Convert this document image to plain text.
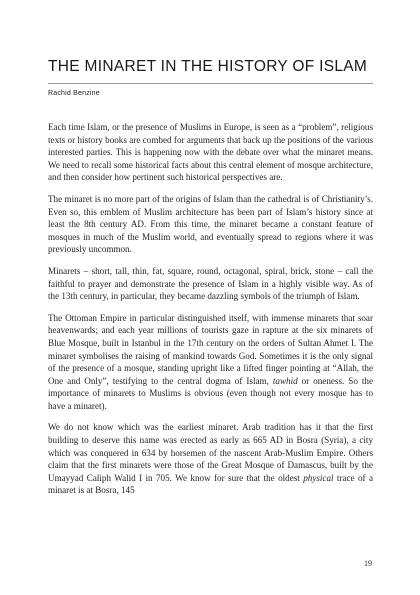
THE MINARET IN THE HISTORY OF ISLAM
Rachid Benzine

Each time Islam, or the presence of Muslims in Europe, is seen as a “problem”, religious texts or history books are combed for arguments that back up the positions of the various interested parties. This is happening now with the debate over what the minaret means. We need to recall some historical facts about this central element of mosque architecture, and then consider how pertinent such historical perspectives are.

The minaret is no more part of the origins of Islam than the cathedral is of Christianity’s. Even so, this emblem of Muslim architecture has been part of Islam’s history since at least the 8th century AD. From this time, the minaret became a constant feature of mosques in much of the Muslim world, and eventually spread to regions where it was previously uncommon.

Minarets – short, tall, thin, fat, square, round, octagonal, spiral, brick, stone – call the faithful to prayer and demonstrate the presence of Islam in a highly visible way. As of the 13th century, in particular, they became dazzling symbols of the triumph of Islam.

The Ottoman Empire in particular distinguished itself, with immense minarets that soar heavenwards; and each year millions of tourists gaze in rapture at the six minarets of Blue Mosque, built in Istanbul in the 17th century on the orders of Sultan Ahmet I. The minaret symbolises the raising of mankind towards God. Sometimes it is the only signal of the presence of a mosque, standing upright like a lifted finger pointing at “Allah, the One and Only”, testifying to the central dogma of Islam, tawhid or oneness. So the importance of minarets to Muslims is obvious (even though not every mosque has to have a minaret).

We do not know which was the earliest minaret. Arab tradition has it that the first building to deserve this name was erected as early as 665 AD in Bosra (Syria), a city which was conquered in 634 by horsemen of the nascent Arab-Muslim Empire. Others claim that the first minarets were those of the Great Mosque of Damascus, built by the Umayyad Caliph Walid I in 705. We know for sure that the oldest physical trace of a minaret is at Bosra, 145

19
